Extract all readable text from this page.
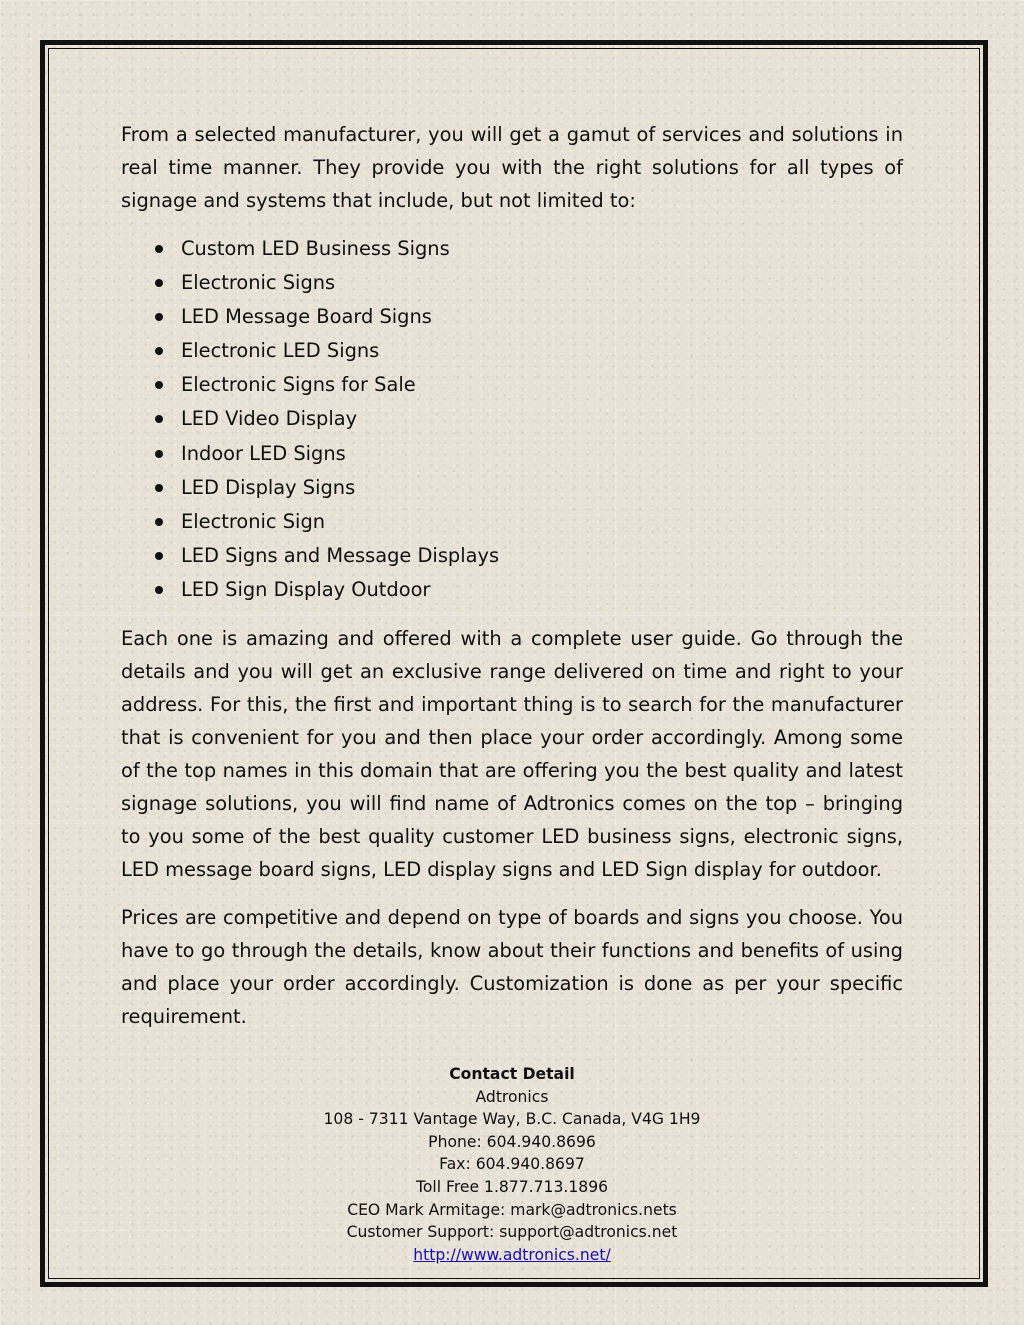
From a selected manufacturer, you will get a gamut of services and solutions in real time manner. They provide you with the right solutions for all types of signage and systems that include, but not limited to:

Custom LED Business Signs
Electronic Signs
LED Message Board Signs
Electronic LED Signs
Electronic Signs for Sale
LED Video Display
Indoor LED Signs
LED Display Signs
Electronic Sign
LED Signs and Message Displays
LED Sign Display Outdoor

Each one is amazing and offered with a complete user guide. Go through the details and you will get an exclusive range delivered on time and right to your address. For this, the first and important thing is to search for the manufacturer that is convenient for you and then place your order accordingly. Among some of the top names in this domain that are offering you the best quality and latest signage solutions, you will find name of Adtronics comes on the top – bringing to you some of the best quality customer LED business signs, electronic signs, LED message board signs, LED display signs and LED Sign display for outdoor.

Prices are competitive and depend on type of boards and signs you choose. You have to go through the details, know about their functions and benefits of using and place your order accordingly. Customization is done as per your specific requirement.

Contact Detail
Adtronics
108 - 7311 Vantage Way, B.C. Canada, V4G 1H9
Phone: 604.940.8696
Fax: 604.940.8697
Toll Free 1.877.713.1896
CEO Mark Armitage: mark@adtronics.nets
Customer Support: support@adtronics.net
http://www.adtronics.net/
